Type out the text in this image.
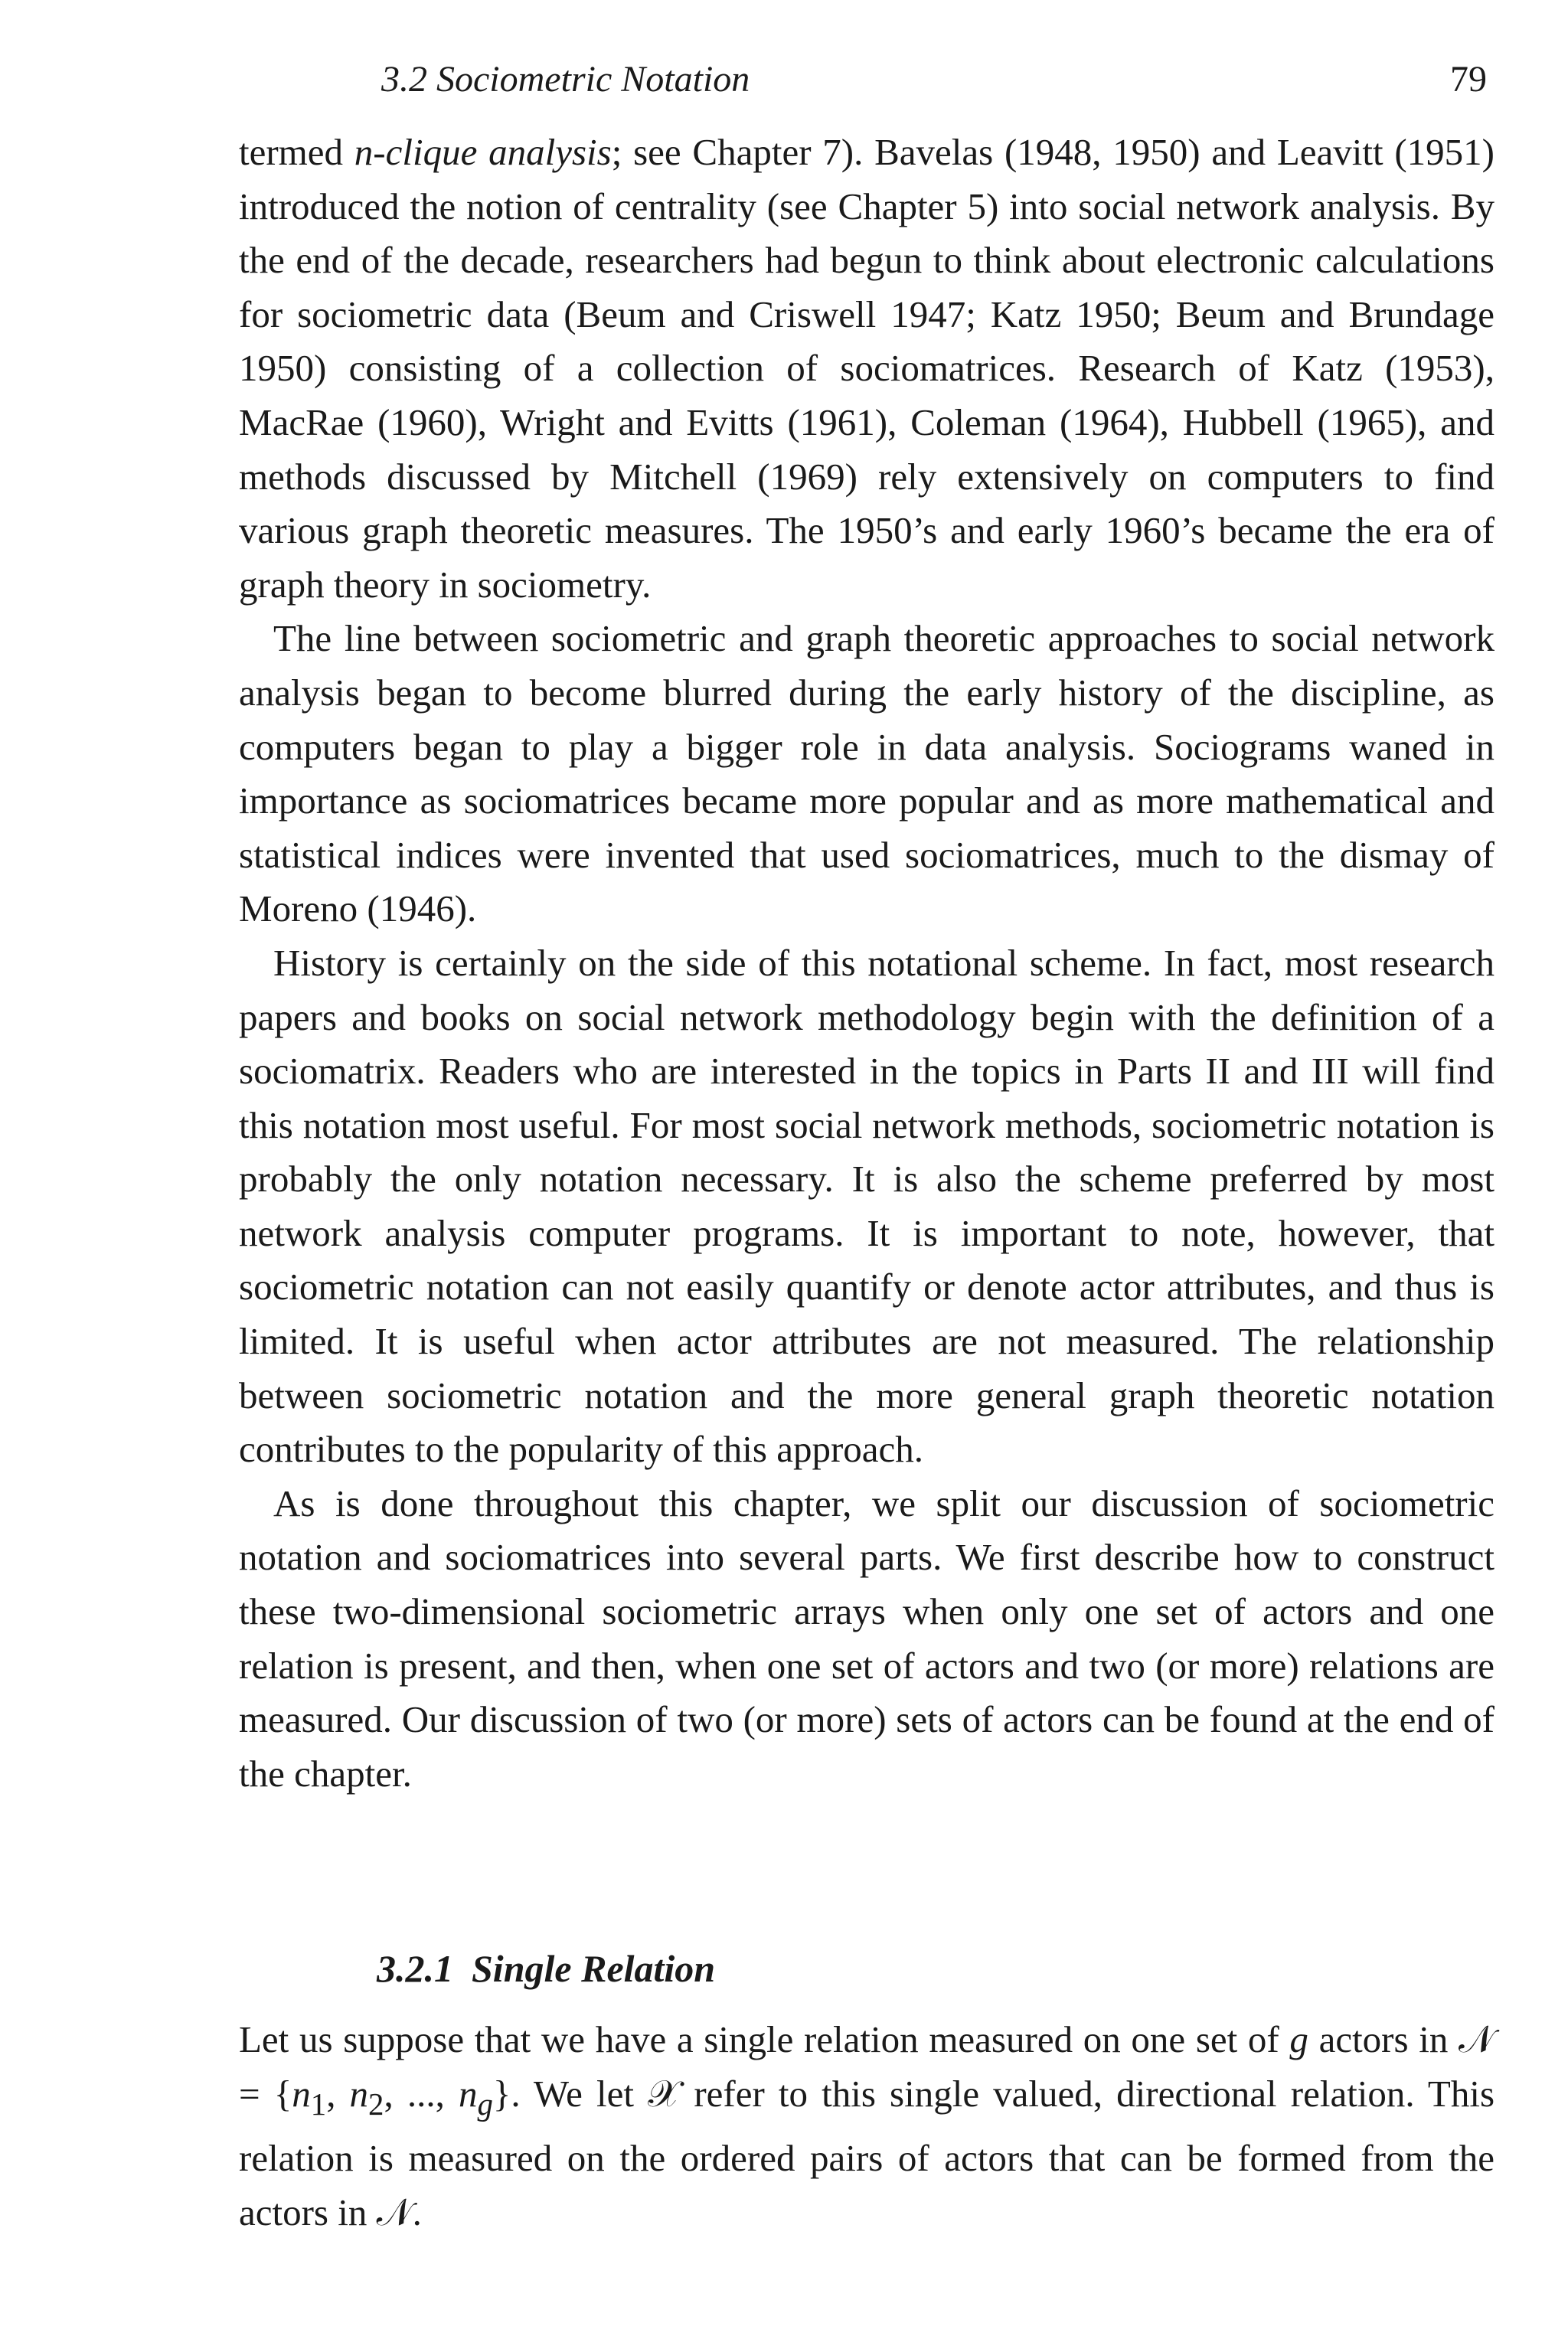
3.2 Sociometric Notation	79

termed n-clique analysis; see Chapter 7). Bavelas (1948, 1950) and Leavitt (1951) introduced the notion of centrality (see Chapter 5) into social network analysis. By the end of the decade, researchers had begun to think about electronic calculations for sociometric data (Beum and Criswell 1947; Katz 1950; Beum and Brundage 1950) consisting of a collection of sociomatrices. Research of Katz (1953), MacRae (1960), Wright and Evitts (1961), Coleman (1964), Hubbell (1965), and methods discussed by Mitchell (1969) rely extensively on computers to find various graph theoretic measures. The 1950’s and early 1960’s became the era of graph theory in sociometry.

The line between sociometric and graph theoretic approaches to social network analysis began to become blurred during the early history of the discipline, as computers began to play a bigger role in data analysis. Sociograms waned in importance as sociomatrices became more popular and as more mathematical and statistical indices were invented that used sociomatrices, much to the dismay of Moreno (1946).

History is certainly on the side of this notational scheme. In fact, most research papers and books on social network methodology begin with the definition of a sociomatrix. Readers who are interested in the topics in Parts II and III will find this notation most useful. For most social network methods, sociometric notation is probably the only notation necessary. It is also the scheme preferred by most network analysis computer programs. It is important to note, however, that sociometric notation can not easily quantify or denote actor attributes, and thus is limited. It is useful when actor attributes are not measured. The relationship between sociometric notation and the more general graph theoretic notation contributes to the popularity of this approach.

As is done throughout this chapter, we split our discussion of sociometric notation and sociomatrices into several parts. We first describe how to construct these two-dimensional sociometric arrays when only one set of actors and one relation is present, and then, when one set of actors and two (or more) relations are measured. Our discussion of two (or more) sets of actors can be found at the end of the chapter.

3.2.1 Single Relation

Let us suppose that we have a single relation measured on one set of g actors in 𝒩 = {$n_1$, $n_2$, ..., $n_g$}. We let 𝒳 refer to this single valued, directional relation. This relation is measured on the ordered pairs of actors that can be formed from the actors in 𝒩.
